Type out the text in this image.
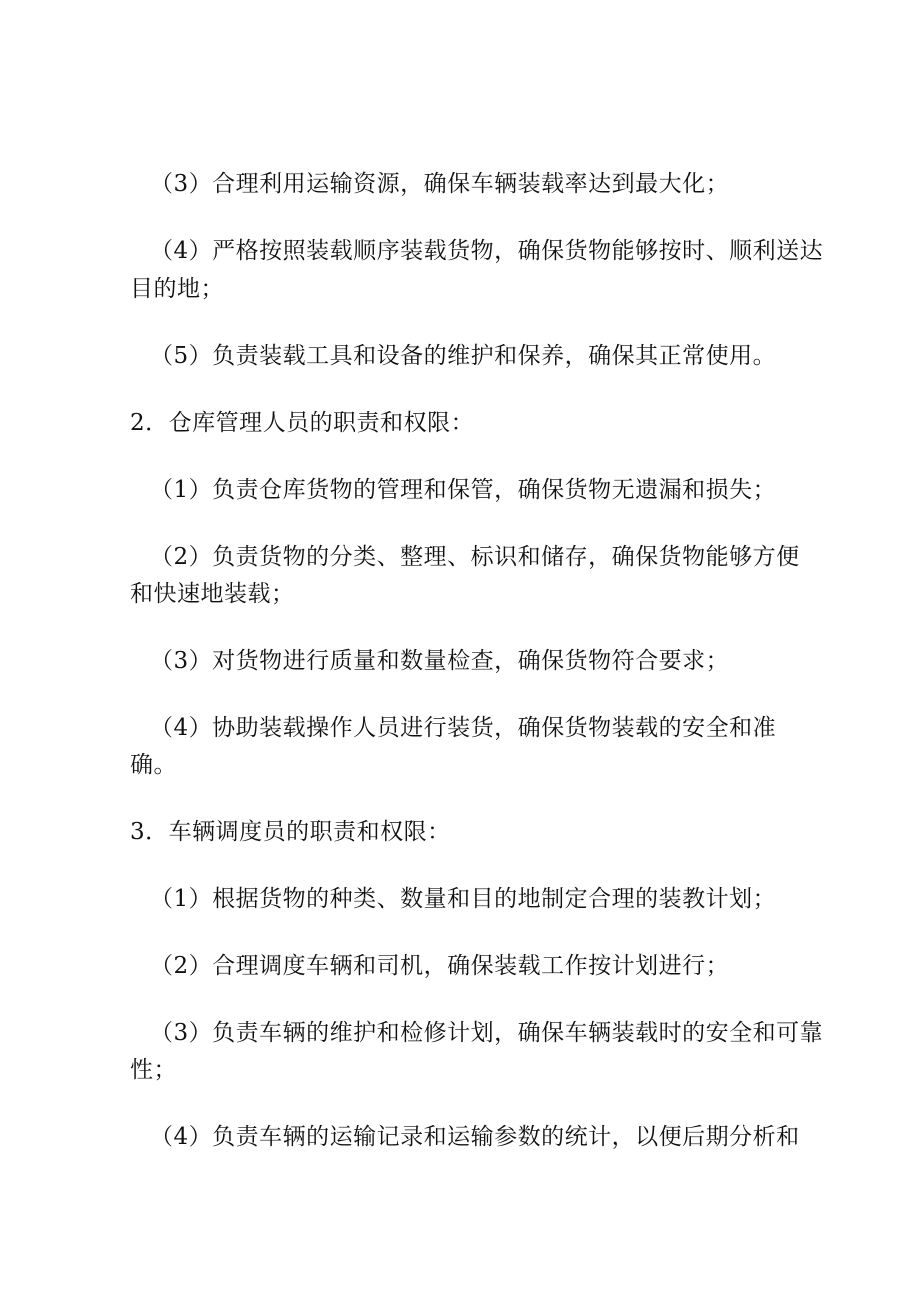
（3）合理利用运输资源，确保车辆装载率达到最大化；
（4）严格按照装载顺序装载货物，确保货物能够按时、顺利送达
目的地；
（5）负责装载工具和设备的维护和保养，确保其正常使用。
2．仓库管理人员的职责和权限：
（1）负责仓库货物的管理和保管，确保货物无遗漏和损失；
（2）负责货物的分类、整理、标识和储存，确保货物能够方便
和快速地装载；
（3）对货物进行质量和数量检查，确保货物符合要求；
（4）协助装载操作人员进行装货，确保货物装载的安全和准
确。
3．车辆调度员的职责和权限：
（1）根据货物的种类、数量和目的地制定合理的装教计划；
（2）合理调度车辆和司机，确保装载工作按计划进行；
（3）负责车辆的维护和检修计划，确保车辆装载时的安全和可靠
性；
（4）负责车辆的运输记录和运输参数的统计，以便后期分析和
